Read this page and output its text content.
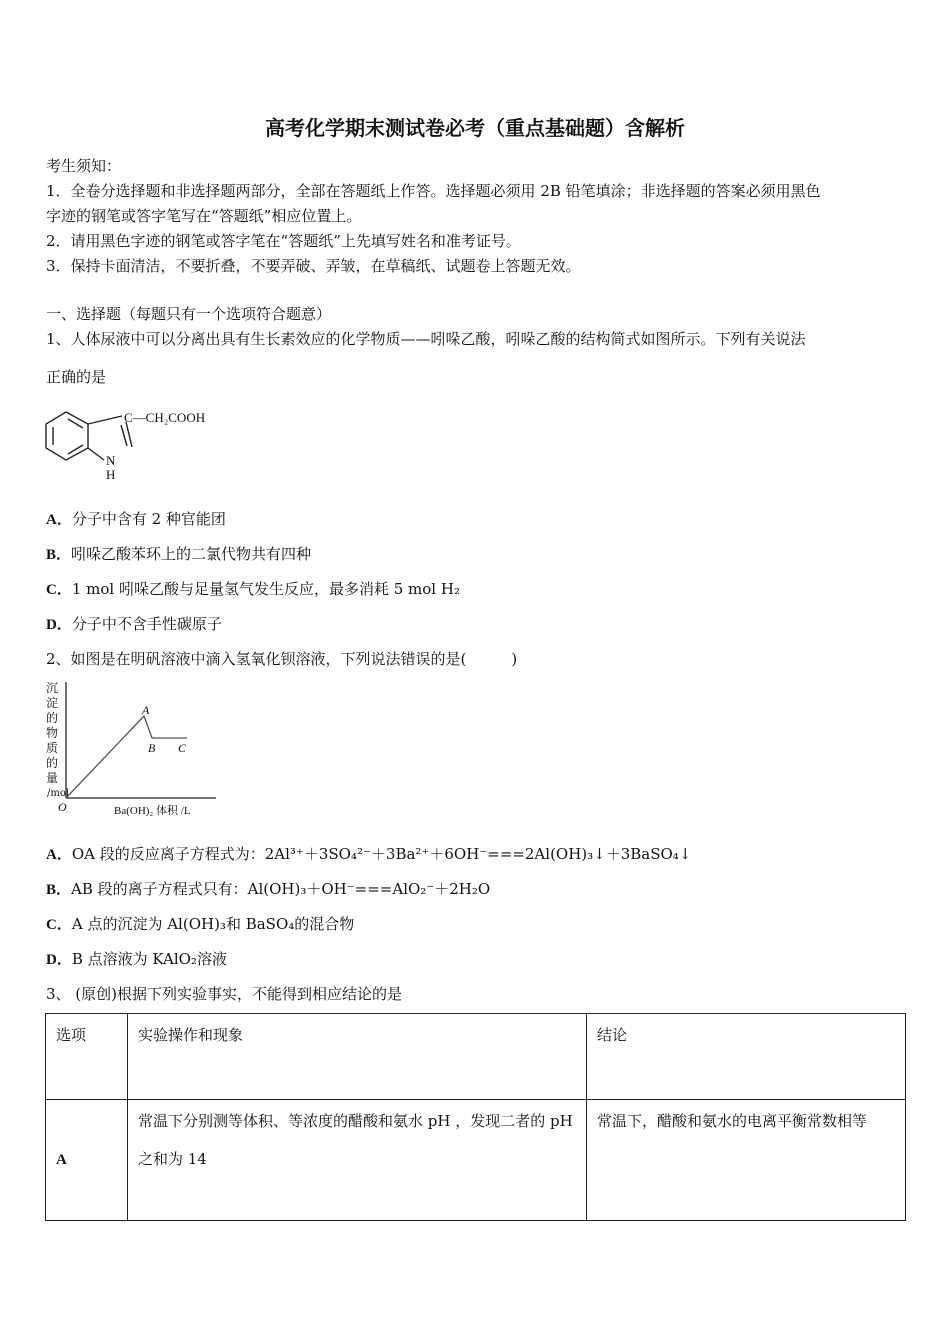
高考化学期末测试卷必考（重点基础题）含解析
考生须知：
1．全卷分选择题和非选择题两部分，全部在答题纸上作答。选择题必须用 2B 铅笔填涂；非选择题的答案必须用黑色
字迹的钢笔或答字笔写在“答题纸”相应位置上。
2．请用黑色字迹的钢笔或答字笔在“答题纸”上先填写姓名和准考证号。
3．保持卡面清洁，不要折叠，不要弄破、弄皱，在草稿纸、试题卷上答题无效。
一、选择题（每题只有一个选项符合题意）
1、人体尿液中可以分离出具有生长素效应的化学物质——吲哚乙酸，吲哚乙酸的结构简式如图所示。下列有关说法
正确的是
C—CH₂COOH
N
H
A．分子中含有 2 种官能团
B．吲哚乙酸苯环上的二氯代物共有四种
C．1 mol 吲哚乙酸与足量氢气发生反应，最多消耗 5 mol H₂
D．分子中不含手性碳原子
2、如图是在明矾溶液中滴入氢氧化钡溶液，下列说法错误的是(　　　)
沉
淀
的
物
质
的
量
/mol
O
A
B C
Ba(OH)₂ 体积 /L
A．OA 段的反应离子方程式为：2Al³⁺＋3SO₄²⁻＋3Ba²⁺＋6OH⁻===2Al(OH)₃↓＋3BaSO₄↓
B．AB 段的离子方程式只有：Al(OH)₃＋OH⁻===AlO₂⁻＋2H₂O
C．A 点的沉淀为 Al(OH)₃和 BaSO₄的混合物
D．B 点溶液为 KAlO₂溶液
3、 (原创)根据下列实验事实，不能得到相应结论的是
选项	实验操作和现象	结论
A	常温下分别测等体积、等浓度的醋酸和氨水 pH ，发现二者的 pH 之和为 14	常温下，醋酸和氨水的电离平衡常数相等
